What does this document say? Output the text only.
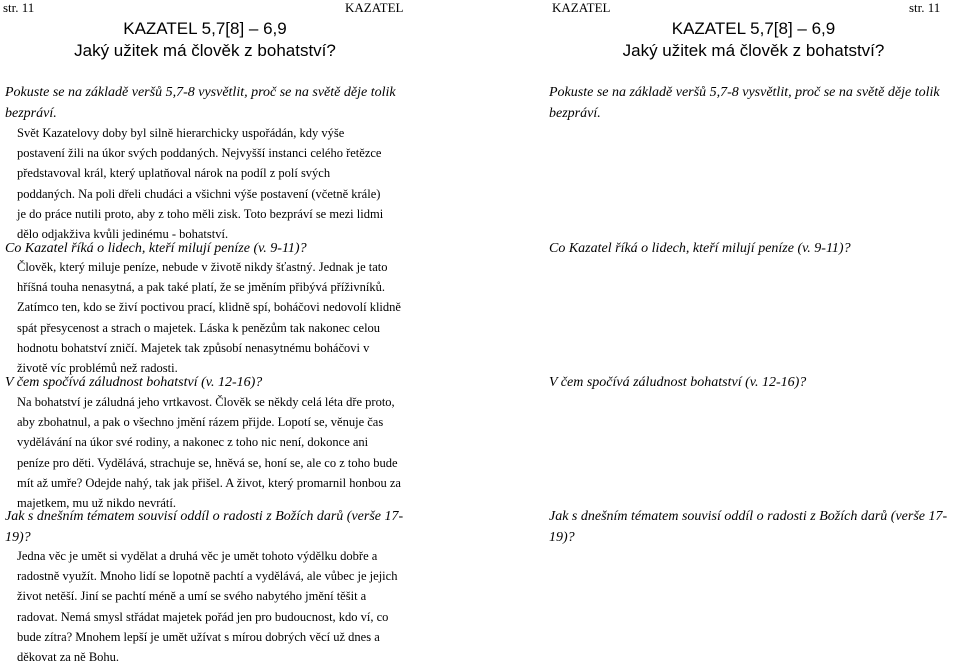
str. 11	KAZATEL
KAZATEL 5,7[8] – 6,9
Jaký užitek má člověk z bohatství?
Pokuste se na základě veršů 5,7-8 vysvětlit, proč se na světě děje tolik bezpráví.
Svět Kazatelovy doby byl silně hierarchicky uspořádán, kdy výše postavení žili na úkor svých poddaných. Nejvyšší instanci celého řetězce představoval král, který uplatňoval nárok na podíl z polí svých poddaných. Na poli dřeli chudáci a všichni výše postavení (včetně krále) je do práce nutili proto, aby z toho měli zisk. Toto bezpráví se mezi lidmi dělo odjakživa kvůli jedinému - bohatství.
Co Kazatel říká o lidech, kteří milují peníze (v. 9-11)?
Člověk, který miluje peníze, nebude v životě nikdy šťastný. Jednak je tato hříšná touha nenasytná, a pak také platí, že se jměním přibývá příživníků. Zatímco ten, kdo se živí poctivou prací, klidně spí, boháčovi nedovolí klidně spát přesycenost a strach o majetek. Láska k penězům tak nakonec celou hodnotu bohatství zničí. Majetek tak způsobí nenasytnému boháčovi v životě víc problémů než radosti.
V čem spočívá záludnost bohatství (v. 12-16)?
Na bohatství je záludná jeho vrtkavost. Člověk se někdy celá léta dře proto, aby zbohatnul, a pak o všechno jmění rázem přijde. Lopotí se, věnuje čas vydělávání na úkor své rodiny, a nakonec z toho nic není, dokonce ani peníze pro děti. Vydělává, strachuje se, hněvá se, honí se, ale co z toho bude mít až umře? Odejde nahý, tak jak přišel. A život, který promarnil honbou za majetkem, mu už nikdo nevrátí.
Jak s dnešním tématem souvisí oddíl o radosti z Božích darů (verše 17-19)?
Jedna věc je umět si vydělat a druhá věc je umět tohoto výdělku dobře a radostně využít. Mnoho lidí se lopotně pachtí a vydělává, ale vůbec je jejich život netěší. Jiní se pachtí méně a umí se svého nabytého jmění těšit a radovat. Nemá smysl střádat majetek pořád jen pro budoucnost, kdo ví, co bude zítra? Mnohem lepší je umět užívat s mírou dobrých věcí už dnes a děkovat za ně Bohu.
KAZATEL	str. 11
KAZATEL 5,7[8] – 6,9
Jaký užitek má člověk z bohatství?
Pokuste se na základě veršů 5,7-8 vysvětlit, proč se na světě děje tolik bezpráví.
Co Kazatel říká o lidech, kteří milují peníze (v. 9-11)?
V čem spočívá záludnost bohatství (v. 12-16)?
Jak s dnešním tématem souvisí oddíl o radosti z Božích darů (verše 17-19)?
